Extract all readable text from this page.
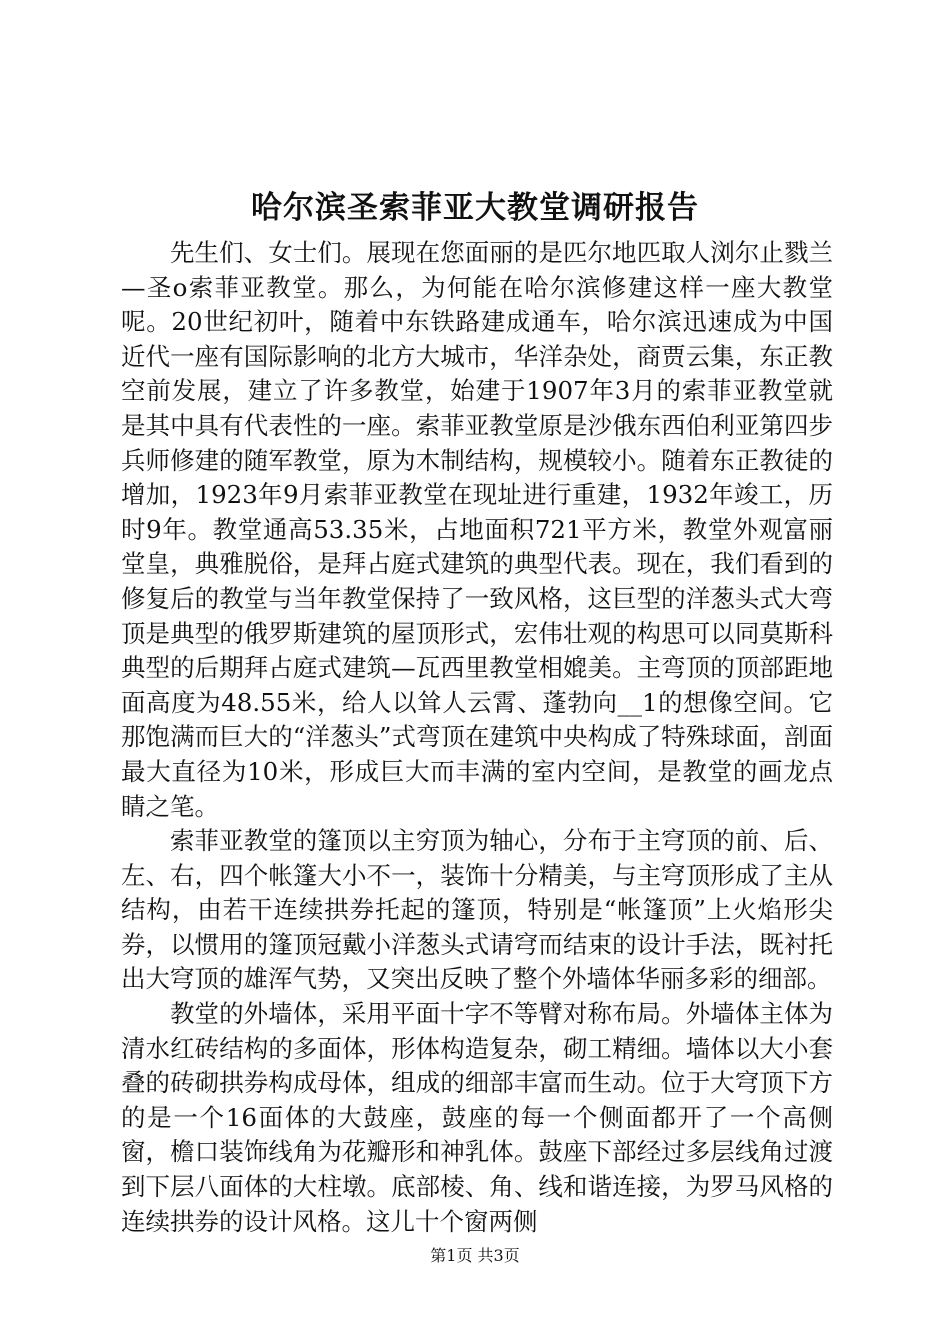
哈尔滨圣索菲亚大教堂调研报告

先生们、女士们。展现在您面丽的是匹尔地匹取人浏尔止戮兰—圣o索菲亚教堂。那么，为何能在哈尔滨修建这样一座大教堂呢。20世纪初叶，随着中东铁路建成通车，哈尔滨迅速成为中国近代一座有国际影响的北方大城市，华洋杂处，商贾云集，东正教空前发展，建立了许多教堂，始建于1907年3月的索菲亚教堂就是其中具有代表性的一座。索菲亚教堂原是沙俄东西伯利亚第四步兵师修建的随军教堂，原为木制结构，规模较小。随着东正教徒的增加，1923年9月索菲亚教堂在现址进行重建，1932年竣工，历时9年。教堂通高53.35米，占地面积721平方米，教堂外观富丽堂皇，典雅脱俗，是拜占庭式建筑的典型代表。现在，我们看到的修复后的教堂与当年教堂保持了一致风格，这巨型的洋葱头式大弯顶是典型的俄罗斯建筑的屋顶形式，宏伟壮观的构思可以同莫斯科典型的后期拜占庭式建筑—瓦西里教堂相媲美。主弯顶的顶部距地面高度为48.55米，给人以耸人云霄、蓬勃向__1的想像空间。它那饱满而巨大的“洋葱头”式弯顶在建筑中央构成了特殊球面，剖面最大直径为10米，形成巨大而丰满的室内空间，是教堂的画龙点睛之笔。

索菲亚教堂的篷顶以主穷顶为轴心，分布于主穹顶的前、后、左、右，四个帐篷大小不一，装饰十分精美，与主穹顶形成了主从结构，由若干连续拱券托起的篷顶，特别是“帐篷顶”上火焰形尖券，以惯用的篷顶冠戴小洋葱头式请穹而结束的设计手法，既衬托出大穹顶的雄浑气势，又突出反映了整个外墙体华丽多彩的细部。

教堂的外墙体，采用平面十字不等臂对称布局。外墙体主体为清水红砖结构的多面体，形体构造复杂，砌工精细。墙体以大小套叠的砖砌拱券构成母体，组成的细部丰富而生动。位于大穹顶下方的是一个16面体的大鼓座，鼓座的每一个侧面都开了一个高侧窗，檐口装饰线角为花瓣形和神乳体。鼓座下部经过多层线角过渡到下层八面体的大柱墩。底部棱、角、线和谐连接，为罗马风格的连续拱券的设计风格。这儿十个窗两侧

第1页 共3页
